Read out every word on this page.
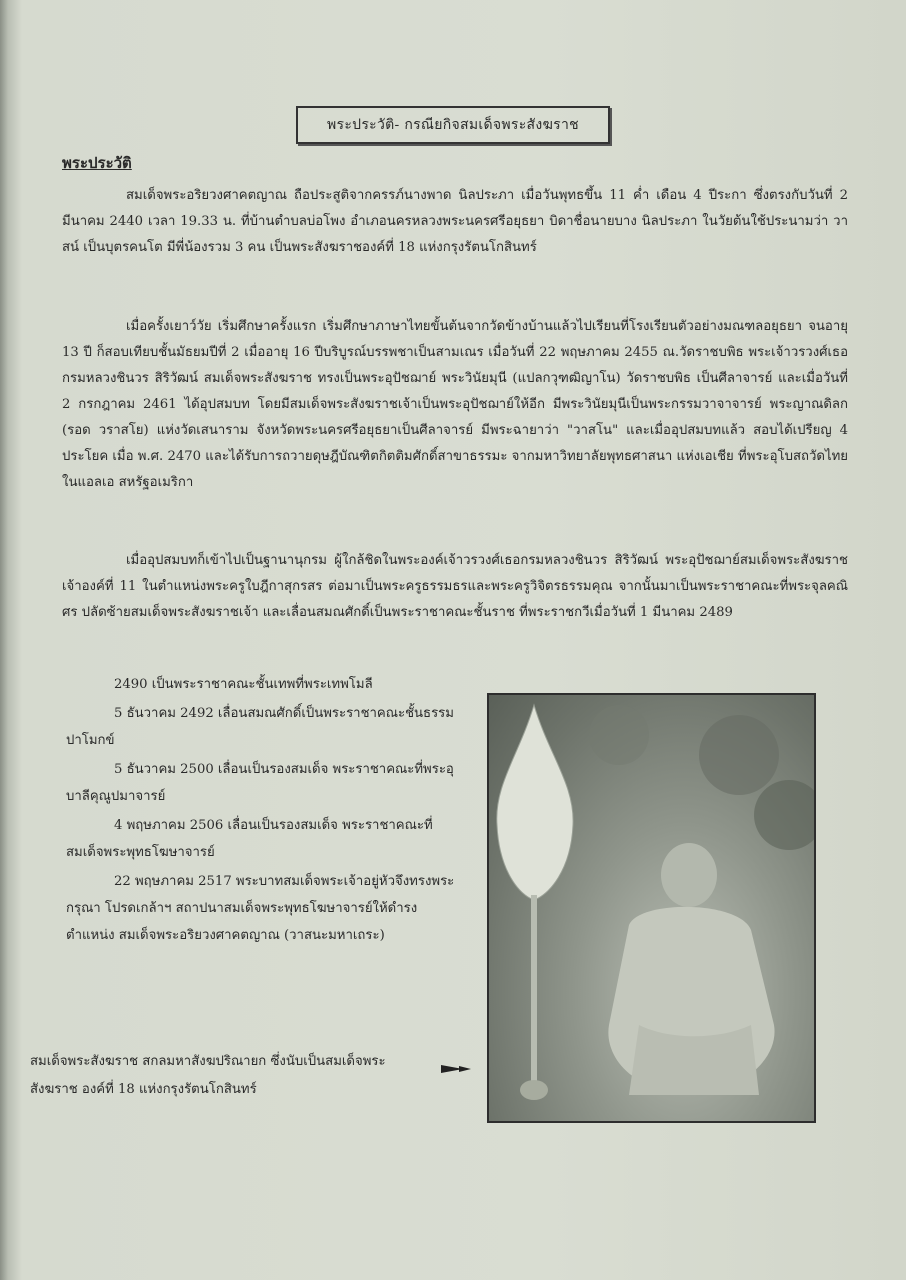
พระประวัติ- กรณียกิจสมเด็จพระสังฆราช
พระประวัติ

สมเด็จพระอริยวงศาคตญาณ ถือประสูติจากครรภ์นางพาด นิลประภา เมื่อวันพุทธขึ้น 11 ค่ำ เดือน 4 ปีระกา ซึ่งตรงกับวันที่ 2 มีนาคม 2440 เวลา 19.33 น. ที่บ้านตำบลบ่อโพง อำเภอนครหลวงพระนครศรีอยุธยา บิดาชื่อนายบาง นิลประภา ในวัยต้นใช้ประนามว่า วาสน์ เป็นบุตรคนโต มีพี่น้องรวม 3 คน เป็นพระสังฆราชองค์ที่ 18 แห่งกรุงรัตนโกสินทร์

เมื่อครั้งเยาว์วัย เริ่มศึกษาครั้งแรก เริ่มศึกษาภาษาไทยขั้นต้นจากวัดข้างบ้านแล้วไปเรียนที่โรงเรียนตัวอย่างมณฑลอยุธยา จนอายุ 13 ปี ก็สอบเทียบชั้นมัธยมปีที่ 2 เมื่ออายุ 16 ปีบริบูรณ์บรรพชาเป็นสามเณร เมื่อวันที่ 22 พฤษภาคม 2455 ณ.วัดราชบพิธ พระเจ้าวรวงศ์เธอกรมหลวงชินวร สิริวัฒน์ สมเด็จพระสังฆราช ทรงเป็นพระอุปัชฌาย์ พระวินัยมุนี (แปลกวุฑฒิญาโน) วัดราชบพิธ เป็นศีลาจารย์ และเมื่อวันที่ 2 กรกฎาคม 2461 ได้อุปสมบท โดยมีสมเด็จพระสังฆราชเจ้าเป็นพระอุปัชฌาย์ให้อีก มีพระวินัยมุนีเป็นพระกรรมวาจาจารย์ พระญาณดิลก (รอด วราสโย) แห่งวัดเสนาราม จังหวัดพระนครศรีอยุธยาเป็นศีลาจารย์ มีพระฉายาว่า "วาสโน" และเมื่ออุปสมบทแล้ว สอบได้เปรียญ 4 ประโยค เมื่อ พ.ศ. 2470 และได้รับการถวายดุษฎีบัณฑิตกิตติมศักดิ์สาขาธรรมะ จากมหาวิทยาลัยพุทธศาสนา แห่งเอเชีย ที่พระอุโบสถวัดไทยในแอลเอ สหรัฐอเมริกา

เมื่ออุปสมบทก็เข้าไปเป็นฐานานุกรม ผู้ใกล้ชิดในพระองค์เจ้าวรวงศ์เธอกรมหลวงชินวร สิริวัฒน์ พระอุปัชฌาย์สมเด็จพระสังฆราชเจ้าองค์ที่ 11 ในตำแหน่งพระครูใบฎีกาสุกรสร ต่อมาเป็นพระครูธรรมธรและพระครูวิจิตรธรรมคุณ จากนั้นมาเป็นพระราชาคณะที่พระจุลคณิศร ปลัดซ้ายสมเด็จพระสังฆราชเจ้า และเลื่อนสมณศักดิ์เป็นพระราชาคณะชั้นราช ที่พระราชกวีเมื่อวันที่ 1 มีนาคม 2489

2490 เป็นพระราชาคณะชั้นเทพที่พระเทพโมลี
5 ธันวาคม 2492 เลื่อนสมณศักดิ์เป็นพระราชาคณะชั้นธรรมปาโมกข์
5 ธันวาคม 2500 เลื่อนเป็นรองสมเด็จ พระราชาคณะที่พระอุบาลีคุณูปมาจารย์
4 พฤษภาคม 2506 เลื่อนเป็นรองสมเด็จ พระราชาคณะที่สมเด็จพระพุทธโฆษาจารย์
22 พฤษภาคม 2517 พระบาทสมเด็จพระเจ้าอยู่หัวจึงทรงพระกรุณา โปรดเกล้าฯ สถาปนาสมเด็จพระพุทธโฆษาจารย์ให้ดำรงตำแหน่ง สมเด็จพระอริยวงศาคตญาณ (วาสนะมหาเถระ)
สมเด็จพระสังฆราช สกลมหาสังฆปริณายก ซึ่งนับเป็นสมเด็จพระสังฆราช องค์ที่ 18 แห่งกรุงรัตนโกสินทร์
